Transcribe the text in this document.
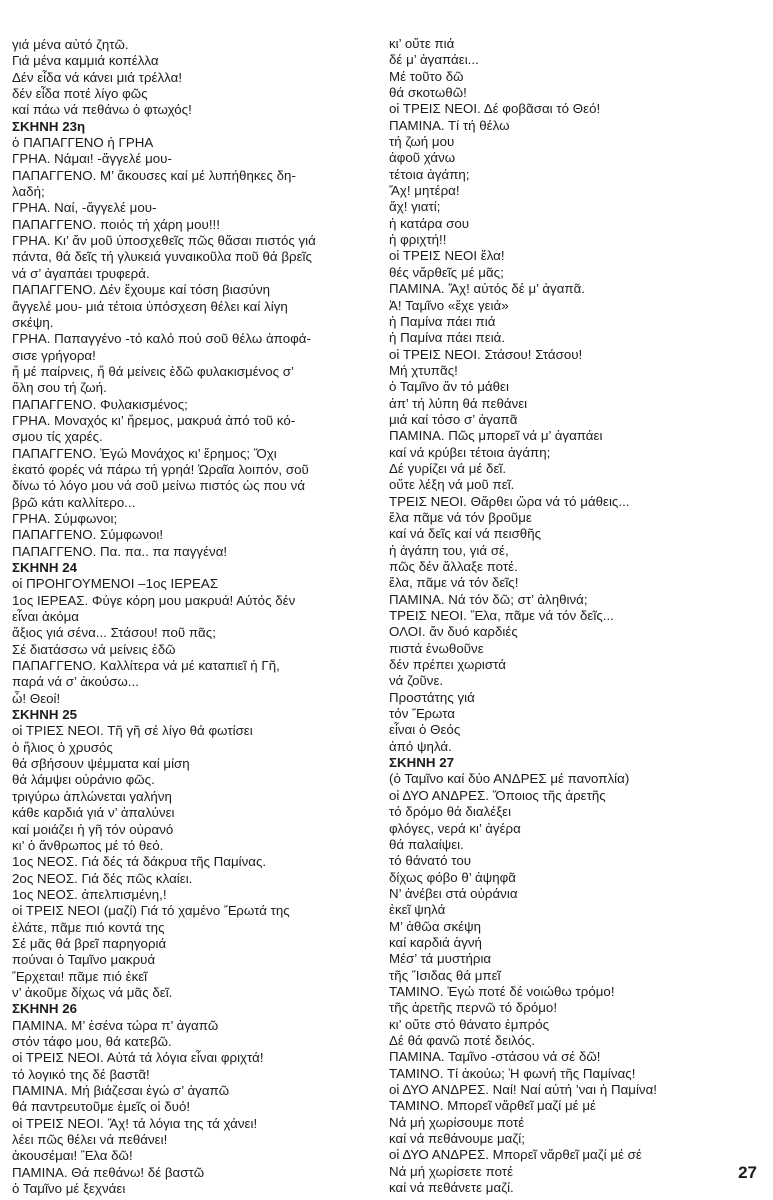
γιά μένα αὐτό ζητῶ.
Γιά μένα καμμιά κοπέλλα
Δέν εἶδα νά κάνει μιά τρέλλα!
δέν εἶδα ποτέ λίγο φῶς
καί πάω νά πεθάνω ὁ φτωχός!
ΣΚΗΝΗ 23η
ὁ ΠΑΠΑΓΓΕΝΟ ἡ ΓΡΗΑ
ΓΡΗΑ. Νάμαι! -ἄγγελέ μου-
ΠΑΠΑΓΓΕΝΟ. Μ’ ἄκουσες καί μέ λυπήθηκες δη-
λαδή;
ΓΡΗΑ. Ναί, -ἄγγελέ μου-
ΠΑΠΑΓΓΕΝΟ. ποιός τή χάρη μου!!!
ΓΡΗΑ. Κι’ ἄν μοῦ ὑποσχεθεῖς πῶς θἄσαι πιστός γιά
πάντα, θά δεῖς τή γλυκειά γυναικοῦλα ποῦ θά βρεῖς
νά σ’ ἀγαπάει τρυφερά.
ΠΑΠΑΓΓΕΝΟ. Δέν ἔχουμε καί τόση βιασύνη
ἄγγελέ μου- μιά τέτοια ὑπόσχεση θέλει καί λίγη
σκέψη.
ΓΡΗΑ. Παπαγγένο -τό καλό πού σοῦ θέλω ἀποφά-
σισε γρήγορα!
ἤ μέ παίρνεις, ἤ θά μείνεις ἐδῶ φυλακισμένος σ’
ὅλη σου τή ζωή.
ΠΑΠΑΓΓΕΝΟ. Φυλακισμένος;
ΓΡΗΑ. Μοναχός κι’ ἤρεμος, μακρυά ἀπό τοῦ κό-
σμου τίς χαρές.
ΠΑΠΑΓΓΕΝΟ. Ἐγώ Μονάχος κι’ ἔρημος; Ὄχι
ἑκατό φορές νά πάρω τή γρηά! Ὡραῖα λοιπόν, σοῦ
δίνω τό λόγο μου νά σοῦ μείνω πιστός ὡς που νά
βρῶ κάτι καλλίτερο...
ΓΡΗΑ. Σύμφωνοι;
ΠΑΠΑΓΓΕΝΟ. Σύμφωνοι!
ΠΑΠΑΓΓΕΝΟ. Πα. πα.. πα παγγένα!
ΣΚΗΝΗ 24
οἱ ΠΡΟΗΓΟΥΜΕΝΟΙ –1ος ΙΕΡΕΑΣ
1ος ΙΕΡΕΑΣ. Φύγε κόρη μου μακρυά! Αὐτός δέν
εἶναι ἀκόμα
ἄξιος γιά σένα... Στάσου! ποῦ πᾶς;
Σέ διατάσσω νά μείνεις ἐδῶ
ΠΑΠΑΓΓΕΝΟ. Καλλίτερα νά μέ καταπιεῖ ἡ Γῆ,
παρά νά σ’ ἀκούσω...
ὦ! Θεοί!
ΣΚΗΝΗ 25
οἱ ΤΡΙΕΣ ΝΕΟΙ. Τῆ γῆ σέ λίγο θά φωτίσει
ὁ ἥλιος ὁ χρυσός
θά σβήσουν ψέμματα καί μίση
θά λάμψει οὐράνιο φῶς.
τριγύρω ἁπλώνεται γαλήνη
κάθε καρδιά γιά ν’ ἁπαλύνει
καί μοιάζει ἡ γῆ τόν οὐρανό
κι’ ὁ ἄνθρωπος μέ τό θεό.
1ος ΝΕΟΣ. Γιά δές τά δάκρυα τῆς Παμίνας.
2ος ΝΕΟΣ. Γιά δές πῶς κλαίει.
1ος ΝΕΟΣ. ἀπελπισμένη,!
οἱ ΤΡΕΙΣ ΝΕΟΙ (μαζί) Γιά τό χαμένο Ἔρωτά της
ἐλάτε, πᾶμε πιό κοντά της
Σέ μᾶς θά βρεῖ παρηγοριά
πούναι ὁ Ταμῖνο μακρυά
Ἔρχεται! πᾶμε πιό ἐκεῖ
ν’ ἀκοῦμε δίχως νά μᾶς δεῖ.
ΣΚΗΝΗ 26
ΠΑΜΙΝΑ. Μ’ ἐσένα τώρα π’ ἀγαπῶ
στόν τάφο μου, θά κατεβῶ.
οἱ ΤΡΕΙΣ ΝΕΟΙ. Αὐτά τά λόγια εἶναι φριχτά!
τό λογικό της δέ βαστᾶ!
ΠΑΜΙΝΑ. Μή βιάζεσαι ἐγώ σ’ ἀγαπῶ
θά παντρευτοῦμε ἐμεῖς οἱ δυό!
οἱ ΤΡΕΙΣ ΝΕΟΙ. Ἄχ! τά λόγια της τά χάνει!
λέει πῶς θέλει νά πεθάνει!
ἀκουσέμαι! Ἔλα δῶ!
ΠΑΜΙΝΑ. Θά πεθάνω! δέ βαστῶ
ὁ Ταμῖνο μέ ξεχνάει
κι’ οὔτε πιά
δέ μ’ ἀγαπάει...
Μέ τοῦτο δῶ
θά σκοτωθῶ!
οἱ ΤΡΕΙΣ ΝΕΟΙ. Δέ φοβᾶσαι τό Θεό!
ΠΑΜΙΝΑ. Τί τή θέλω
τή ζωή μου
ἀφοῦ χάνω
τέτοια ἀγάπη;
Ἄχ! μητέρα!
ἄχ! γιατί;
ἡ κατάρα σου
ἡ φριχτή!!
οἱ ΤΡΕΙΣ ΝΕΟΙ ἔλα!
θές νἄρθεῖς μέ μᾶς;
ΠΑΜΙΝΑ. Ἄχ! αὐτός δέ μ’ ἀγαπᾶ.
Ἀ! Ταμῖνο «ἔχε γειά»
ἡ Παμίνα πάει πιά
ἡ Παμίνα πάει πειά.
οἱ ΤΡΕΙΣ ΝΕΟΙ. Στάσου! Στάσου!
Μή χτυπᾶς!
ὁ Ταμῖνο ἄν τό μάθει
ἀπ’ τή λύπη θά πεθάνει
μιά καί τόσο σ’ ἀγαπᾶ
ΠΑΜΙΝΑ. Πῶς μπορεῖ νά μ’ ἀγαπάει
καί νά κρύβει τέτοια ἀγάπη;
Δέ γυρίζει νά μέ δεῖ.
οὔτε λέξη νά μοῦ πεῖ.
ΤΡΕΙΣ ΝΕΟΙ. Θἄρθει ὥρα νά τό μάθεις...
ἔλα πᾶμε νά τόν βροῦμε
καί νά δεῖς καί νά πεισθῆς
ἡ ἀγάπη του, γιά σέ,
πῶς δέν ἄλλαξε ποτέ.
ἔλα, πᾶμε νά τόν δεῖς!
ΠΑΜΙΝΑ. Νά τόν δῶ; στ’ ἀληθινά;
ΤΡΕΙΣ ΝΕΟΙ. Ἔλα, πᾶμε νά τόν δεῖς...
ΟΛΟΙ. ἄν δυό καρδιές
πιστά ἑνωθοῦνε
δέν πρέπει χωριστά
νά ζοῦνε.
Προστάτης γιά
τόν Ἔρωτα
εἶναι ὁ Θεός
ἀπό ψηλά.
ΣΚΗΝΗ 27
(ὁ Ταμῖνο καί δύο ΑΝΔΡΕΣ μέ πανοπλία)
οἱ ΔΥΟ ΑΝΔΡΕΣ. Ὅποιος τῆς ἀρετῆς
τό δρόμο θά διαλέξει
φλόγες, νερά κι’ ἀγέρα
θά παλαίψει.
τό θάνατό του
δίχως φόβο θ’ ἀψηφᾶ
Ν’ ἀνέβει στά οὐράνια
ἐκεῖ ψηλά
Μ’ ἀθῶα σκέψη
καί καρδιά ἁγνή
Μέσ’ τά μυστήρια
τῆς Ἴσιδας θά μπεῖ
ΤΑΜΙΝΟ. Ἐγώ ποτέ δέ νοιώθω τρόμο!
τῆς ἀρετῆς περνῶ τό δρόμο!
κι’ οὔτε στό θάνατο ἐμπρός
Δέ θά φανῶ ποτέ δειλός.
ΠΑΜΙΝΑ. Ταμῖνο -στάσου νά σέ δῶ!
ΤΑΜΙΝΟ. Τί ἀκούω; Ἡ φωνή τῆς Παμίνας!
οἱ ΔΥΟ ΑΝΔΡΕΣ. Ναί! Ναί αὐτή ’ναι ἡ Παμίνα!
ΤΑΜΙΝΟ. Μπορεῖ νἄρθεῖ μαζί μέ μέ
Νά μή χωρίσουμε ποτέ
καί νά πεθάνουμε μαζί;
οἱ ΔΥΟ ΑΝΔΡΕΣ. Μπορεῖ νἄρθεῖ μαζί μέ σέ
Νά μή χωρίσετε ποτέ
καί νά πεθάνετε μαζί.
27
